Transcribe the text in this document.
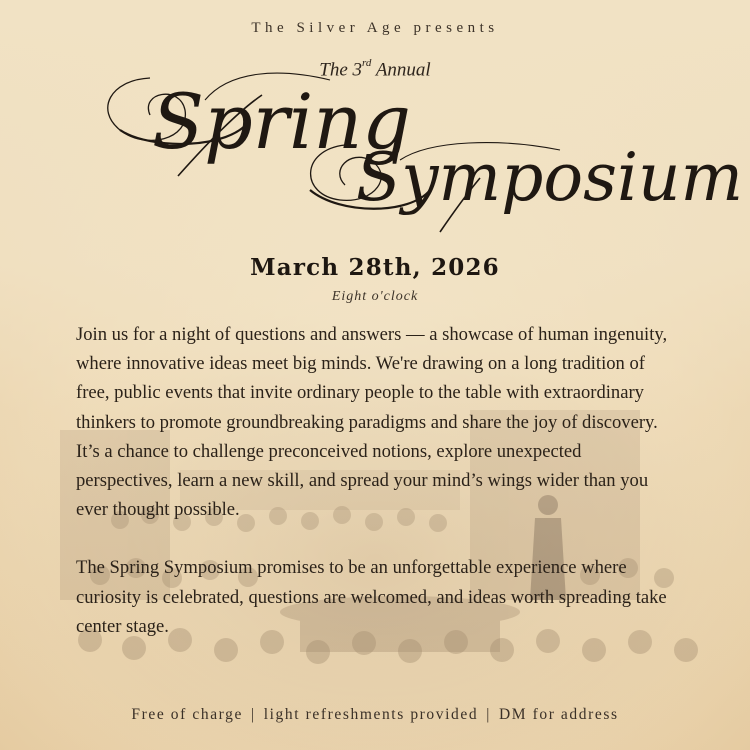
The Silver Age presents
The 3rd Annual
Spring
Symposium
March 28th, 2026
Eight o'clock

Join us for a night of questions and answers — a showcase of human ingenuity, where innovative ideas meet big minds. We're drawing on a long tradition of free, public events that invite ordinary people to the table with extraordinary thinkers to promote groundbreaking paradigms and share the joy of discovery. It’s a chance to challenge preconceived notions, explore unexpected perspectives, learn a new skill, and spread your mind’s wings wider than you ever thought possible.

The Spring Symposium promises to be an unforgettable experience where curiosity is celebrated, questions are welcomed, and ideas worth spreading take center stage.

Free of charge | light refreshments provided | DM for address
